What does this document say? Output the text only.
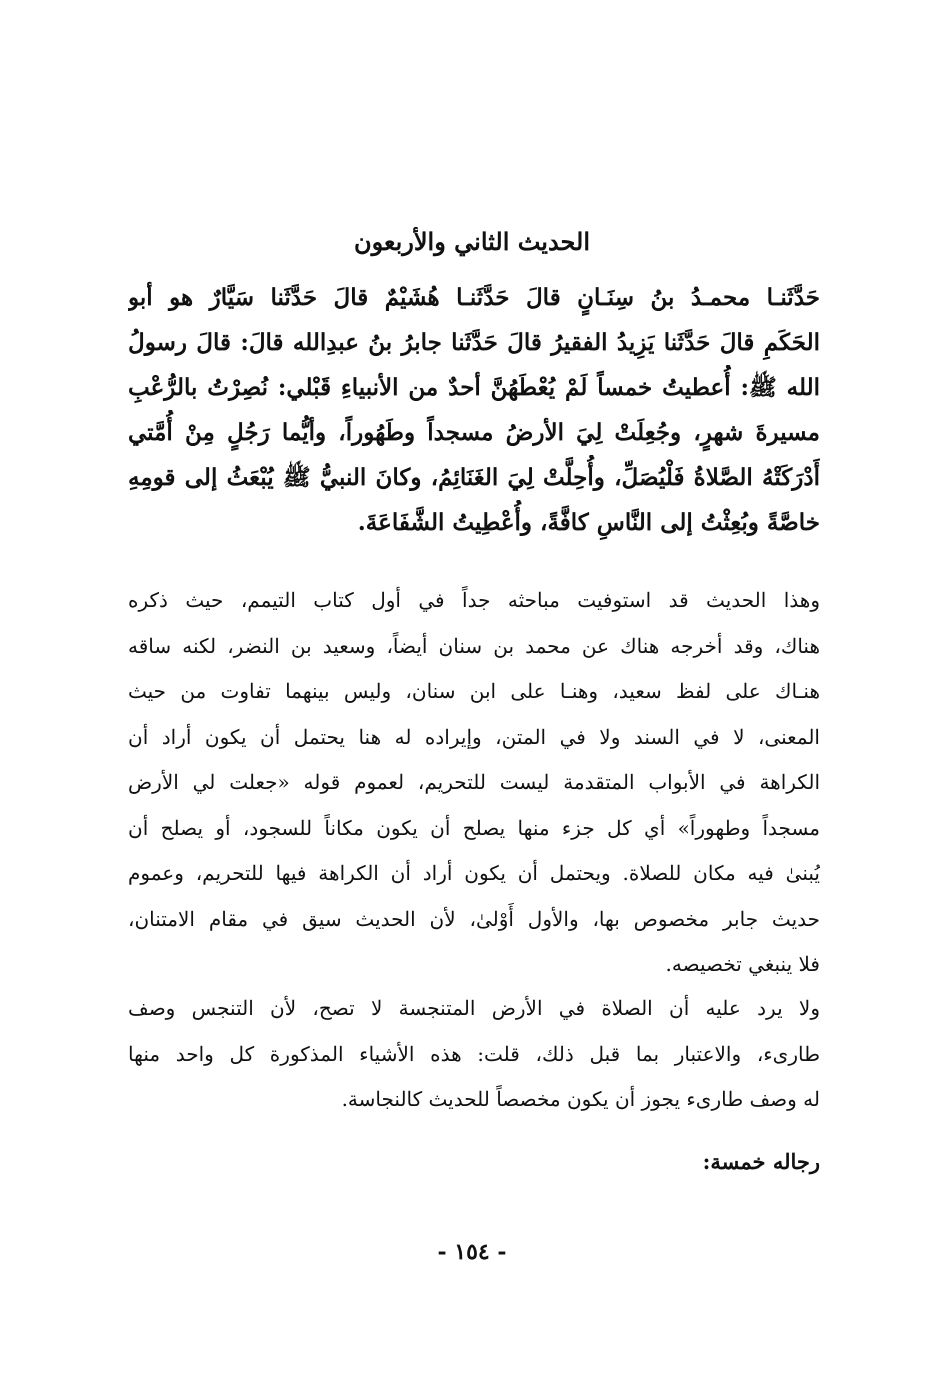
الحديث الثاني والأربعون
حَدَّثَنـا محمـدُ بنُ سِنَـانٍ قالَ حَدَّثَنـا هُشَيْمٌ قالَ حَدَّثَنا سَيَّارٌ هو أبو
الحَكَمِ قالَ حَدَّثَنا يَزِيدُ الفقيرُ قالَ حَدَّثَنا جابرُ بنُ عبدِالله قالَ: قالَ رسولُ
الله ﷺ: أُعطيتُ خمساً لَمْ يُعْطَهُنَّ أحدٌ من الأنبياءِ قَبْلي: نُصِرْتُ بالرُّعْبِ
مسيرةَ شهرٍ، وجُعِلَتْ لِيَ الأرضُ مسجداً وطَهُوراً، وأيُّما رَجُلٍ مِنْ أُمَّتي
أَدْرَكَتْهُ الصَّلاةُ فَلْيُصَلِّ، وأُحِلَّتْ لِيَ الغَنَائِمُ، وكانَ النبيُّ ﷺ يُبْعَثُ إلى قومِهِ
خاصَّةً وبُعِثْتُ إلى النَّاسِ كافَّةً، وأُعْطِيتُ الشَّفَاعَةَ.
وهذا الحديث قد استوفيت مباحثه جداً في أول كتاب التيمم، حيث ذكره
هناك، وقد أخرجه هناك عن محمد بن سنان أيضاً، وسعيد بن النضر، لكنه ساقه
هنـاك على لفظ سعيد، وهنـا على ابن سنان، وليس بينهما تفاوت من حيث
المعنى، لا في السند ولا في المتن، وإيراده له هنا يحتمل أن يكون أراد أن
الكراهة في الأبواب المتقدمة ليست للتحريم، لعموم قوله «جعلت لي الأرض
مسجداً وطهوراً» أي كل جزء منها يصلح أن يكون مكاناً للسجود، أو يصلح أن
يُبنىٰ فيه مكان للصلاة. ويحتمل أن يكون أراد أن الكراهة فيها للتحريم، وعموم
حديث جابر مخصوص بها، والأول أَوْلىٰ، لأن الحديث سيق في مقام الامتنان،
فلا ينبغي تخصيصه.
ولا يرد عليه أن الصلاة في الأرض المتنجسة لا تصح، لأن التنجس وصف
طارىء، والاعتبار بما قبل ذلك، قلت: هذه الأشياء المذكورة كل واحد منها
له وصف طارىء يجوز أن يكون مخصصاً للحديث كالنجاسة.
رجاله خمسة:
- ١٥٤ -
